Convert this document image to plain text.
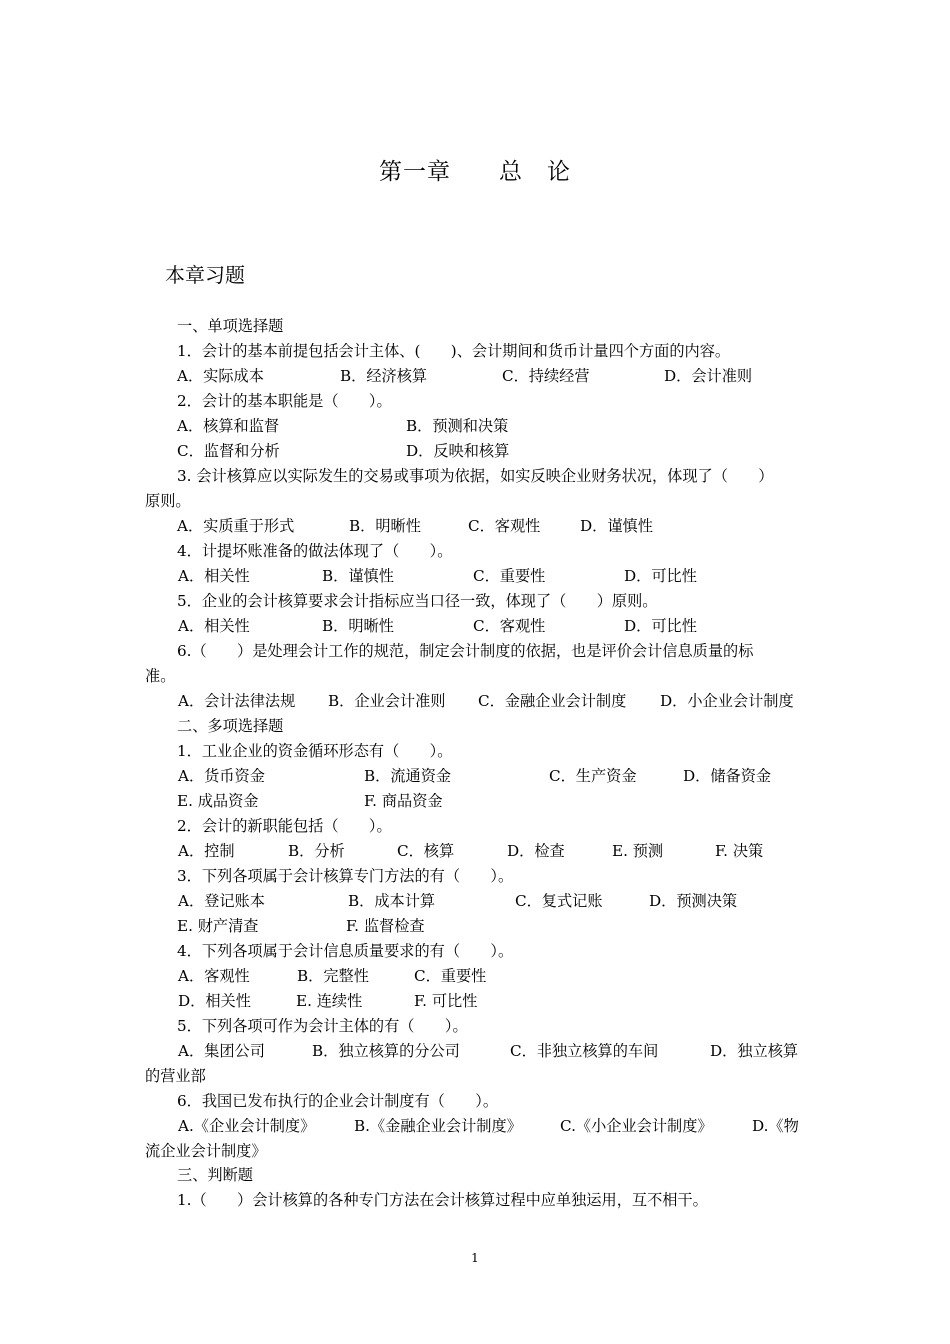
第一章　　总　论
本章习题
一、单项选择题
1．会计的基本前提包括会计主体、(　　)、会计期间和货币计量四个方面的内容。
A．实际成本	B．经济核算	C．持续经营	D．会计准则
2．会计的基本职能是（　　）。
A．核算和监督	B．预测和决策
C．监督和分析	D．反映和核算
3. 会计核算应以实际发生的交易或事项为依据，如实反映企业财务状况，体现了（　　）
原则。
A．实质重于形式	B．明晰性	C．客观性	D．谨慎性
4．计提坏账准备的做法体现了（　　）。
A．相关性	B．谨慎性	C．重要性	D．可比性
5．企业的会计核算要求会计指标应当口径一致，体现了（　　）原则。
A．相关性	B．明晰性	C．客观性	D．可比性
6.（　　）是处理会计工作的规范，制定会计制度的依据，也是评价会计信息质量的标
准。
A．会计法律法规 B．企业会计准则 C．金融企业会计制度 D．小企业会计制度
二、多项选择题
1．工业企业的资金循环形态有（　　）。
A．货币资金	B．流通资金	C．生产资金	D．储备资金
E. 成品资金	F. 商品资金
2．会计的新职能包括（　　）。
A．控制	B．分析	C．核算	D．检查	E. 预测	F. 决策
3．下列各项属于会计核算专门方法的有（　　）。
A．登记账本	B．成本计算	C．复式记账	D．预测决策
E. 财产清查	F. 监督检查
4．下列各项属于会计信息质量要求的有（　　）。
A．客观性	B．完整性	C．重要性
D．相关性	E. 连续性	F. 可比性
5．下列各项可作为会计主体的有（　　）。
A．集团公司	B．独立核算的分公司	C．非独立核算的车间	D．独立核算
的营业部
6．我国已发布执行的企业会计制度有（　　）。
A.《企业会计制度》	B.《金融企业会计制度》	C.《小企业会计制度》	D.《物
流企业会计制度》
三、判断题
1.（　　）会计核算的各种专门方法在会计核算过程中应单独运用，互不相干。
1
